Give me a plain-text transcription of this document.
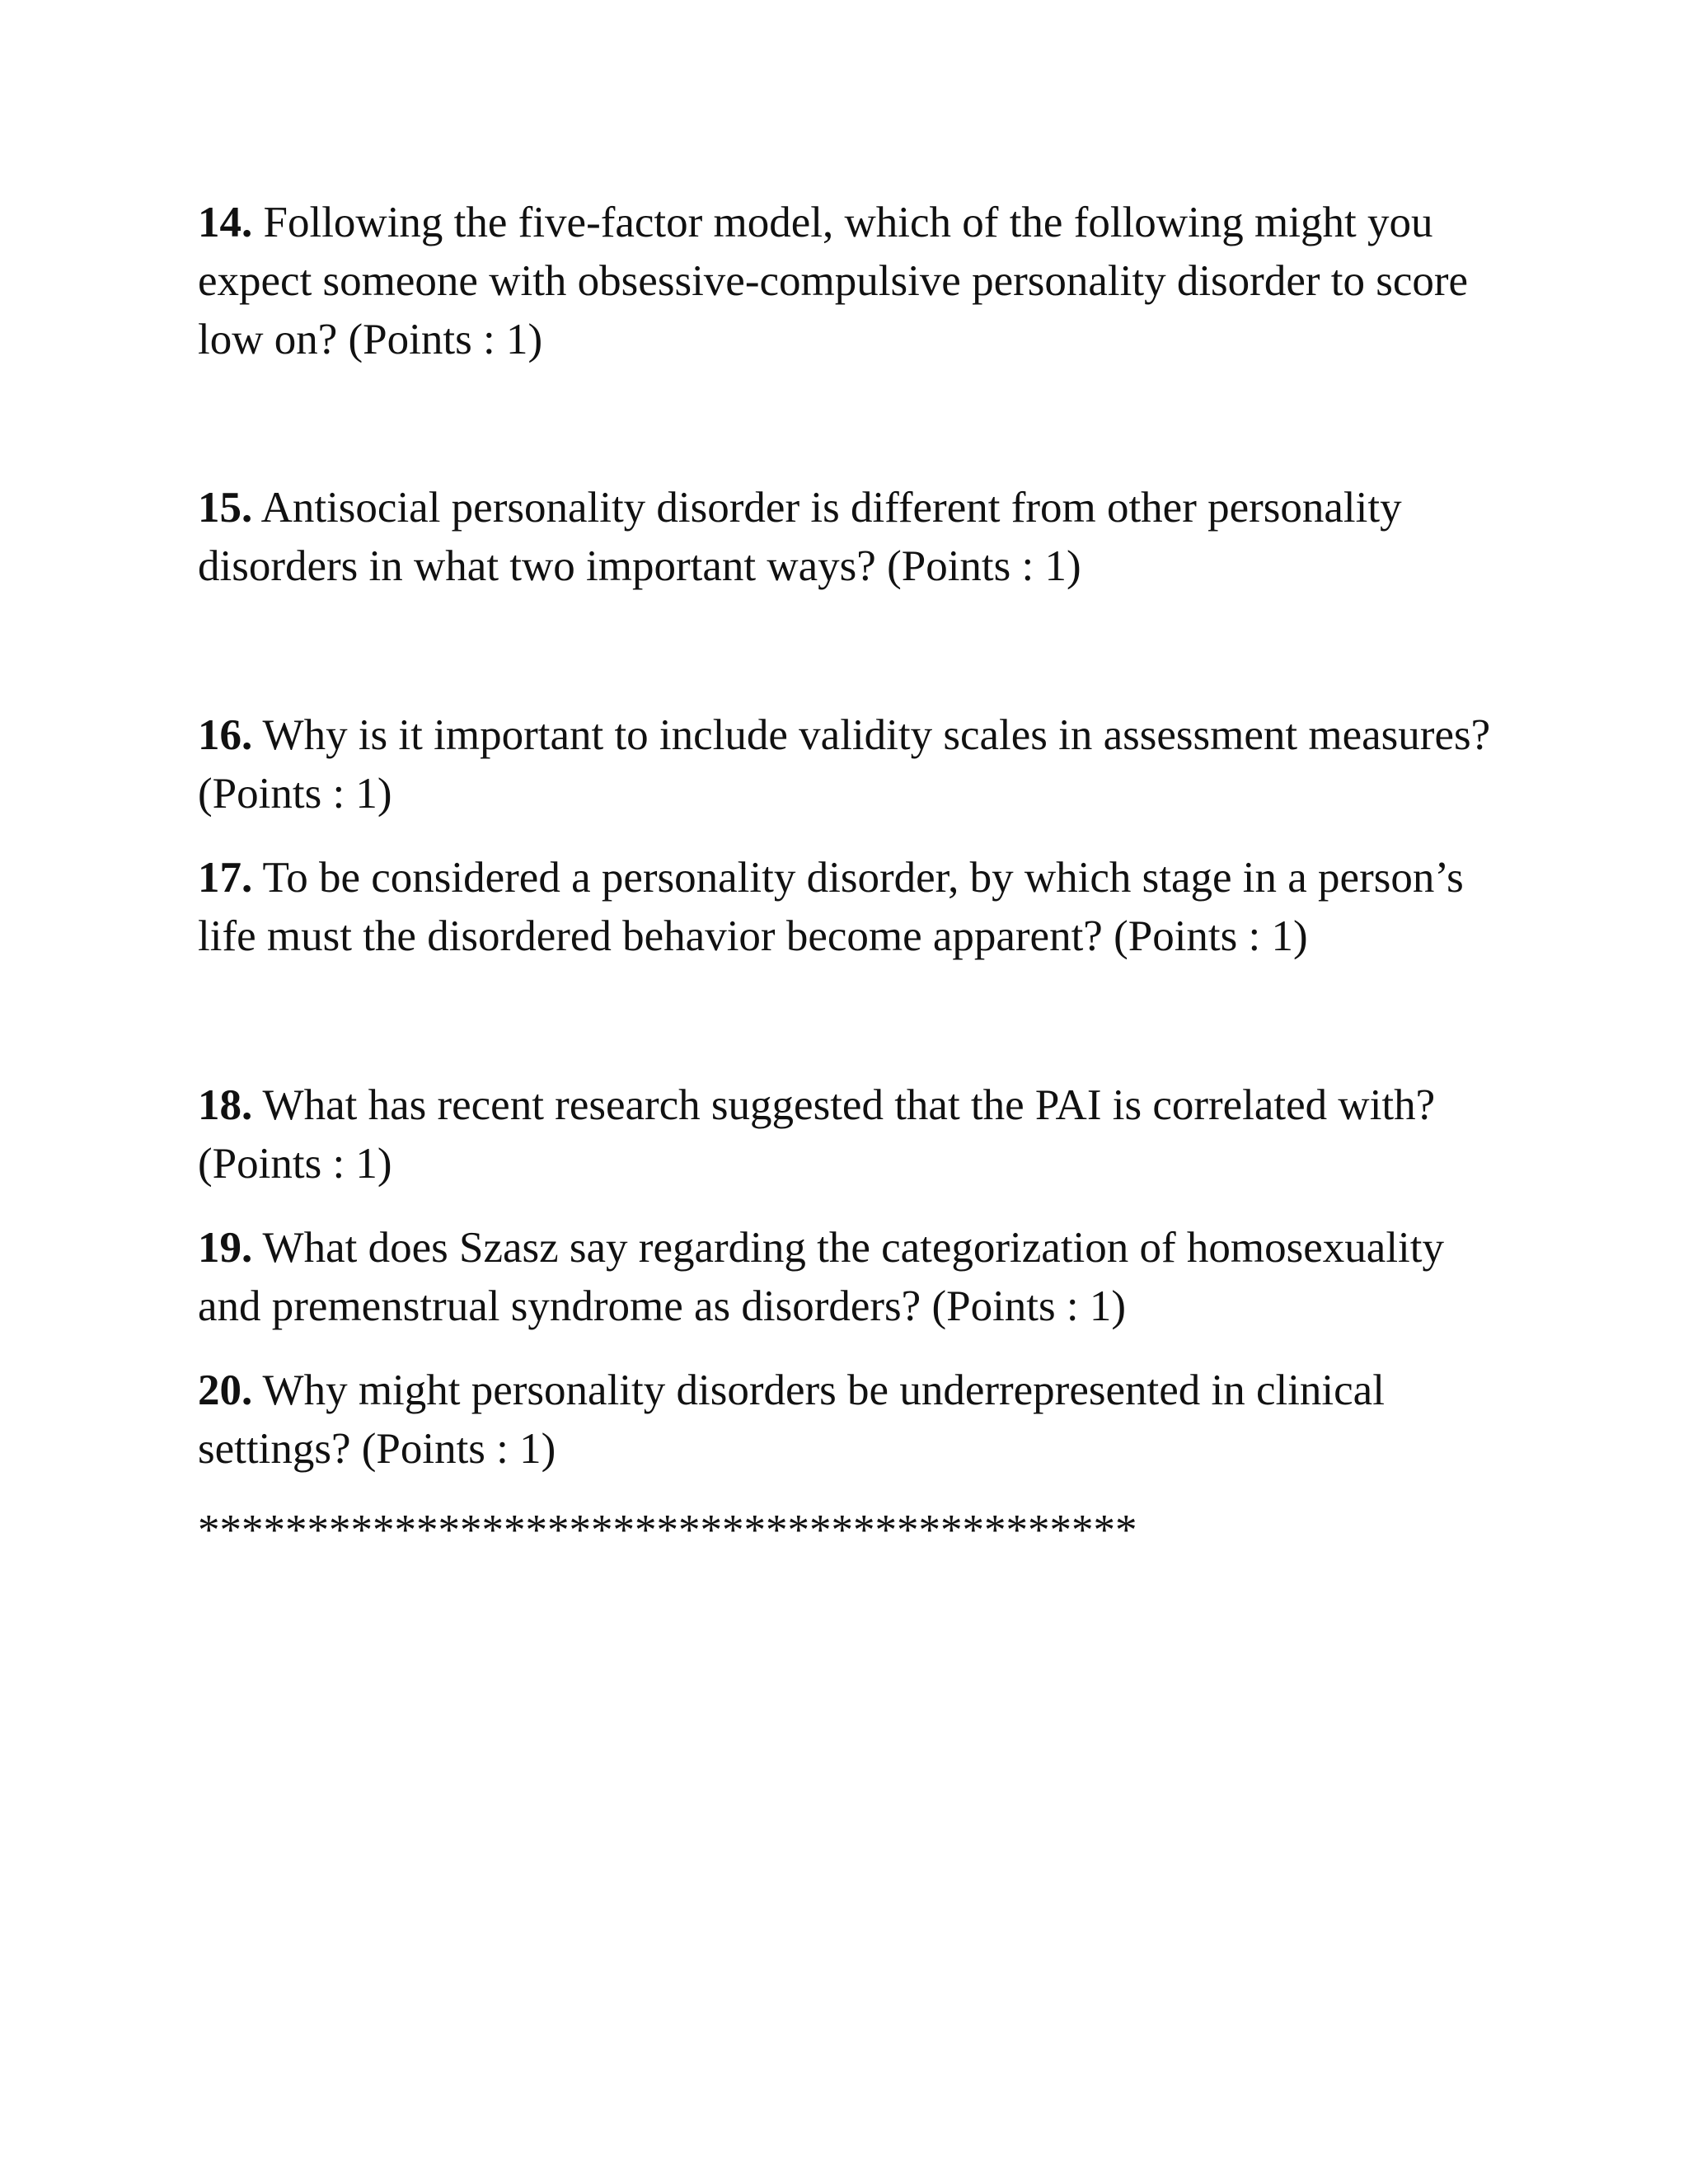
14. Following the five-factor model, which of the following might you expect someone with obsessive-compulsive personality disorder to score low on? (Points : 1)

15. Antisocial personality disorder is different from other personality disorders in what two important ways? (Points : 1)

16. Why is it important to include validity scales in assessment measures? (Points : 1)

17. To be considered a personality disorder, by which stage in a person’s life must the disordered behavior become apparent? (Points : 1)

18. What has recent research suggested that the PAI is correlated with? (Points : 1)

19. What does Szasz say regarding the categorization of homosexuality and premenstrual syndrome as disorders? (Points : 1)

20. Why might personality disorders be underrepresented in clinical settings? (Points : 1)

*******************************************
